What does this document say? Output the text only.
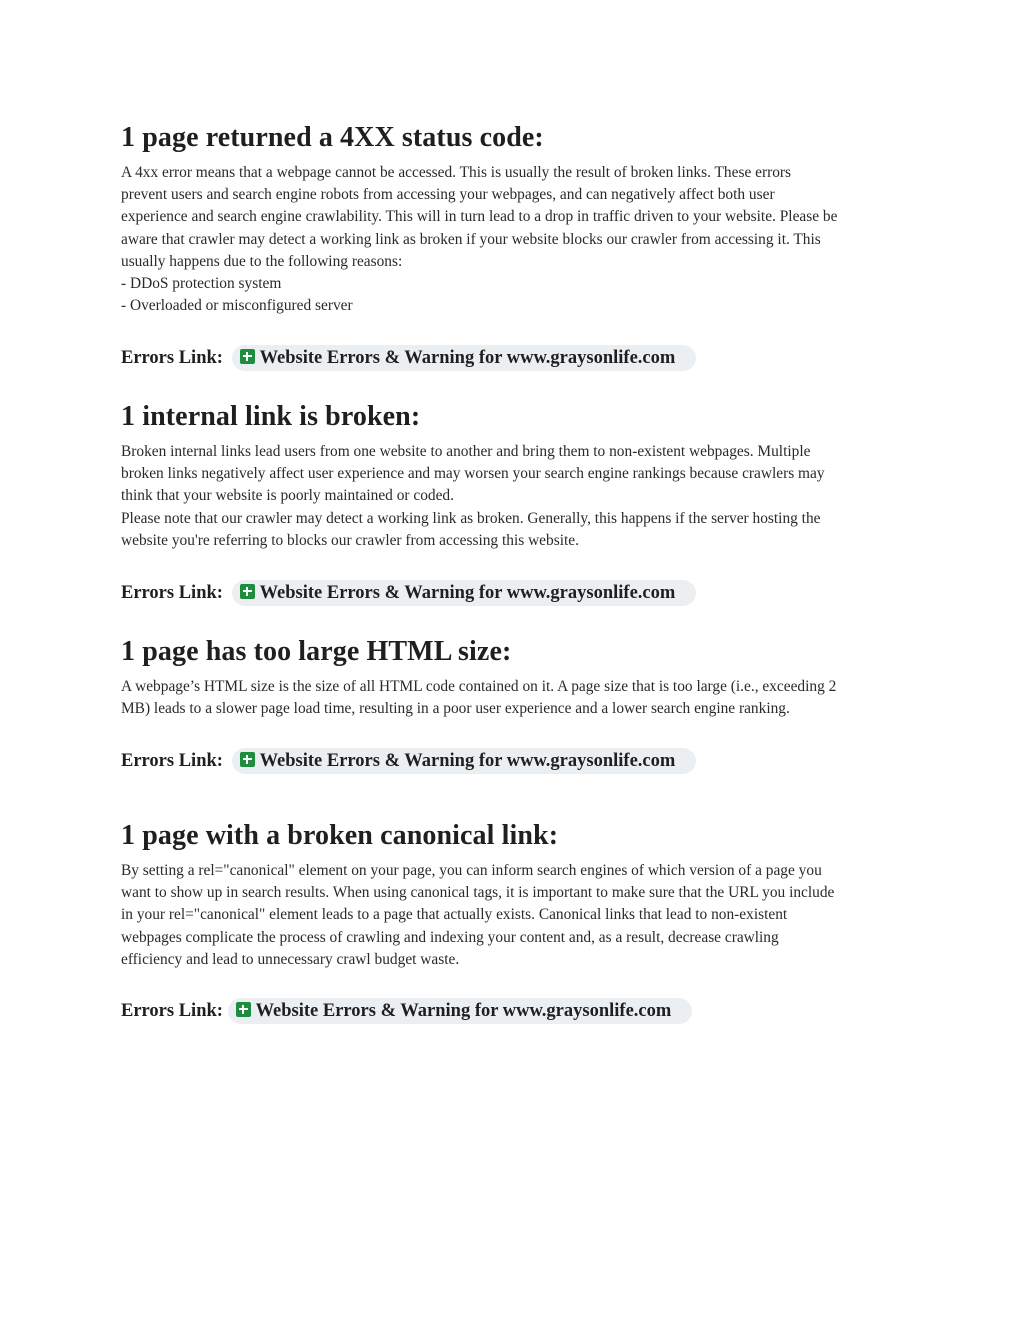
1 page returned a 4XX status code:
A 4xx error means that a webpage cannot be accessed. This is usually the result of broken links. These errors
prevent users and search engine robots from accessing your webpages, and can negatively affect both user
experience and search engine crawlability. This will in turn lead to a drop in traffic driven to your website. Please be
aware that crawler may detect a working link as broken if your website blocks our crawler from accessing it. This
usually happens due to the following reasons:
- DDoS protection system
- Overloaded or misconfigured server
Errors Link: Website Errors & Warning for www.graysonlife.com
1 internal link is broken:
Broken internal links lead users from one website to another and bring them to non-existent webpages. Multiple
broken links negatively affect user experience and may worsen your search engine rankings because crawlers may
think that your website is poorly maintained or coded.
Please note that our crawler may detect a working link as broken. Generally, this happens if the server hosting the
website you're referring to blocks our crawler from accessing this website.
Errors Link: Website Errors & Warning for www.graysonlife.com
1 page has too large HTML size:
A webpage’s HTML size is the size of all HTML code contained on it. A page size that is too large (i.e., exceeding 2
MB) leads to a slower page load time, resulting in a poor user experience and a lower search engine ranking.
Errors Link: Website Errors & Warning for www.graysonlife.com
1 page with a broken canonical link:
By setting a rel="canonical" element on your page, you can inform search engines of which version of a page you
want to show up in search results. When using canonical tags, it is important to make sure that the URL you include
in your rel="canonical" element leads to a page that actually exists. Canonical links that lead to non-existent
webpages complicate the process of crawling and indexing your content and, as a result, decrease crawling
efficiency and lead to unnecessary crawl budget waste.
Errors Link: Website Errors & Warning for www.graysonlife.com
